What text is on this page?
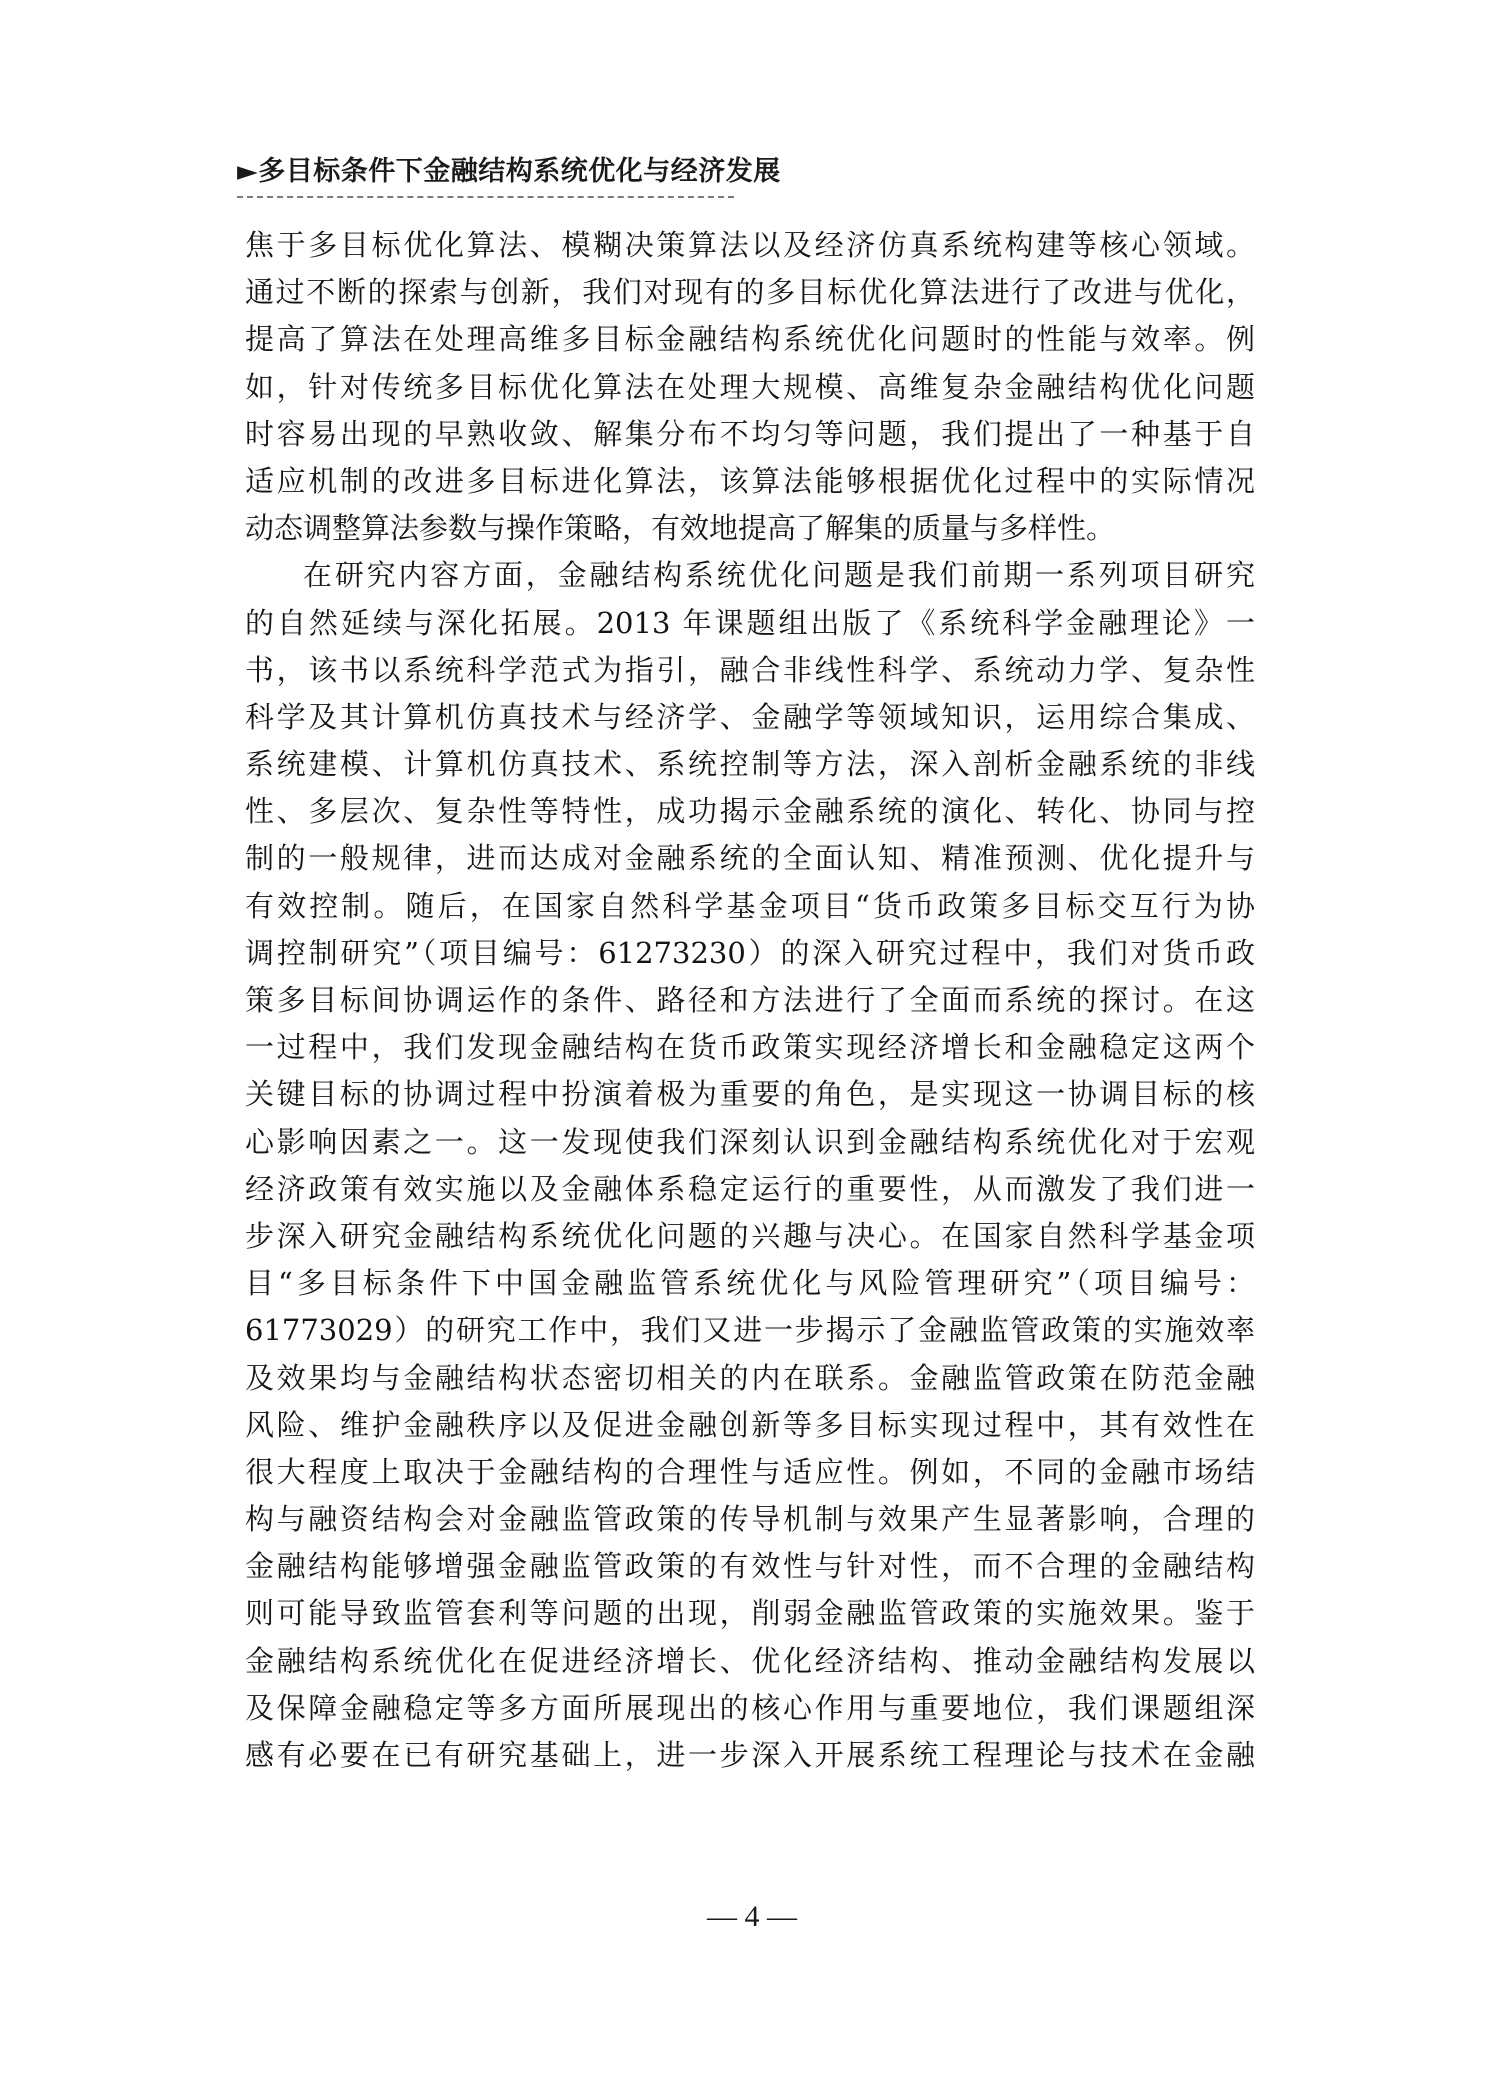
►多目标条件下金融结构系统优化与经济发展
焦于多目标优化算法、模糊决策算法以及经济仿真系统构建等核心领域。
通过不断的探索与创新，我们对现有的多目标优化算法进行了改进与优化，
提高了算法在处理高维多目标金融结构系统优化问题时的性能与效率。例
如，针对传统多目标优化算法在处理大规模、高维复杂金融结构优化问题
时容易出现的早熟收敛、解集分布不均匀等问题，我们提出了一种基于自
适应机制的改进多目标进化算法，该算法能够根据优化过程中的实际情况
动态调整算法参数与操作策略，有效地提高了解集的质量与多样性。
在研究内容方面，金融结构系统优化问题是我们前期一系列项目研究
的自然延续与深化拓展。2013 年课题组出版了《系统科学金融理论》一
书，该书以系统科学范式为指引，融合非线性科学、系统动力学、复杂性
科学及其计算机仿真技术与经济学、金融学等领域知识，运用综合集成、
系统建模、计算机仿真技术、系统控制等方法，深入剖析金融系统的非线
性、多层次、复杂性等特性，成功揭示金融系统的演化、转化、协同与控
制的一般规律，进而达成对金融系统的全面认知、精准预测、优化提升与
有效控制。随后，在国家自然科学基金项目“货币政策多目标交互行为协
调控制研究”（项目编号：61273230）的深入研究过程中，我们对货币政
策多目标间协调运作的条件、路径和方法进行了全面而系统的探讨。在这
一过程中，我们发现金融结构在货币政策实现经济增长和金融稳定这两个
关键目标的协调过程中扮演着极为重要的角色，是实现这一协调目标的核
心影响因素之一。这一发现使我们深刻认识到金融结构系统优化对于宏观
经济政策有效实施以及金融体系稳定运行的重要性，从而激发了我们进一
步深入研究金融结构系统优化问题的兴趣与决心。在国家自然科学基金项
目“多目标条件下中国金融监管系统优化与风险管理研究”（项目编号：
61773029）的研究工作中，我们又进一步揭示了金融监管政策的实施效率
及效果均与金融结构状态密切相关的内在联系。金融监管政策在防范金融
风险、维护金融秩序以及促进金融创新等多目标实现过程中，其有效性在
很大程度上取决于金融结构的合理性与适应性。例如，不同的金融市场结
构与融资结构会对金融监管政策的传导机制与效果产生显著影响，合理的
金融结构能够增强金融监管政策的有效性与针对性，而不合理的金融结构
则可能导致监管套利等问题的出现，削弱金融监管政策的实施效果。鉴于
金融结构系统优化在促进经济增长、优化经济结构、推动金融结构发展以
及保障金融稳定等多方面所展现出的核心作用与重要地位，我们课题组深
感有必要在已有研究基础上，进一步深入开展系统工程理论与技术在金融
— 4 —
